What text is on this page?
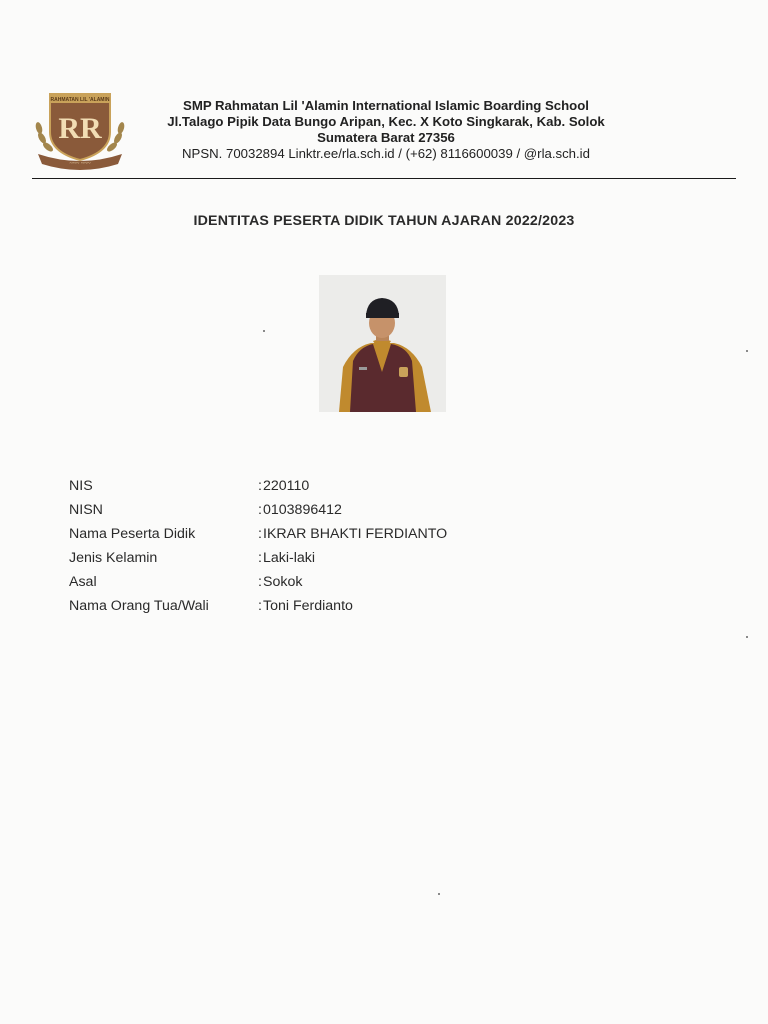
RAHMATAN LIL 'ALAMIN
RR
~~~ ~~~
SMP Rahmatan Lil 'Alamin International Islamic Boarding School
Jl.Talago Pipik Data Bungo Aripan, Kec. X Koto Singkarak, Kab. Solok
Sumatera Barat 27356
NPSN. 70032894 Linktr.ee/rla.sch.id / (+62) 8116600039 / @rla.sch.id
IDENTITAS PESERTA DIDIK TAHUN AJARAN 2022/2023
NIS	: 220110
NISN	: 0103896412
Nama Peserta Didik	: IKRAR BHAKTI FERDIANTO
Jenis Kelamin	: Laki-laki
Asal	: Sokok
Nama Orang Tua/Wali	: Toni Ferdianto
